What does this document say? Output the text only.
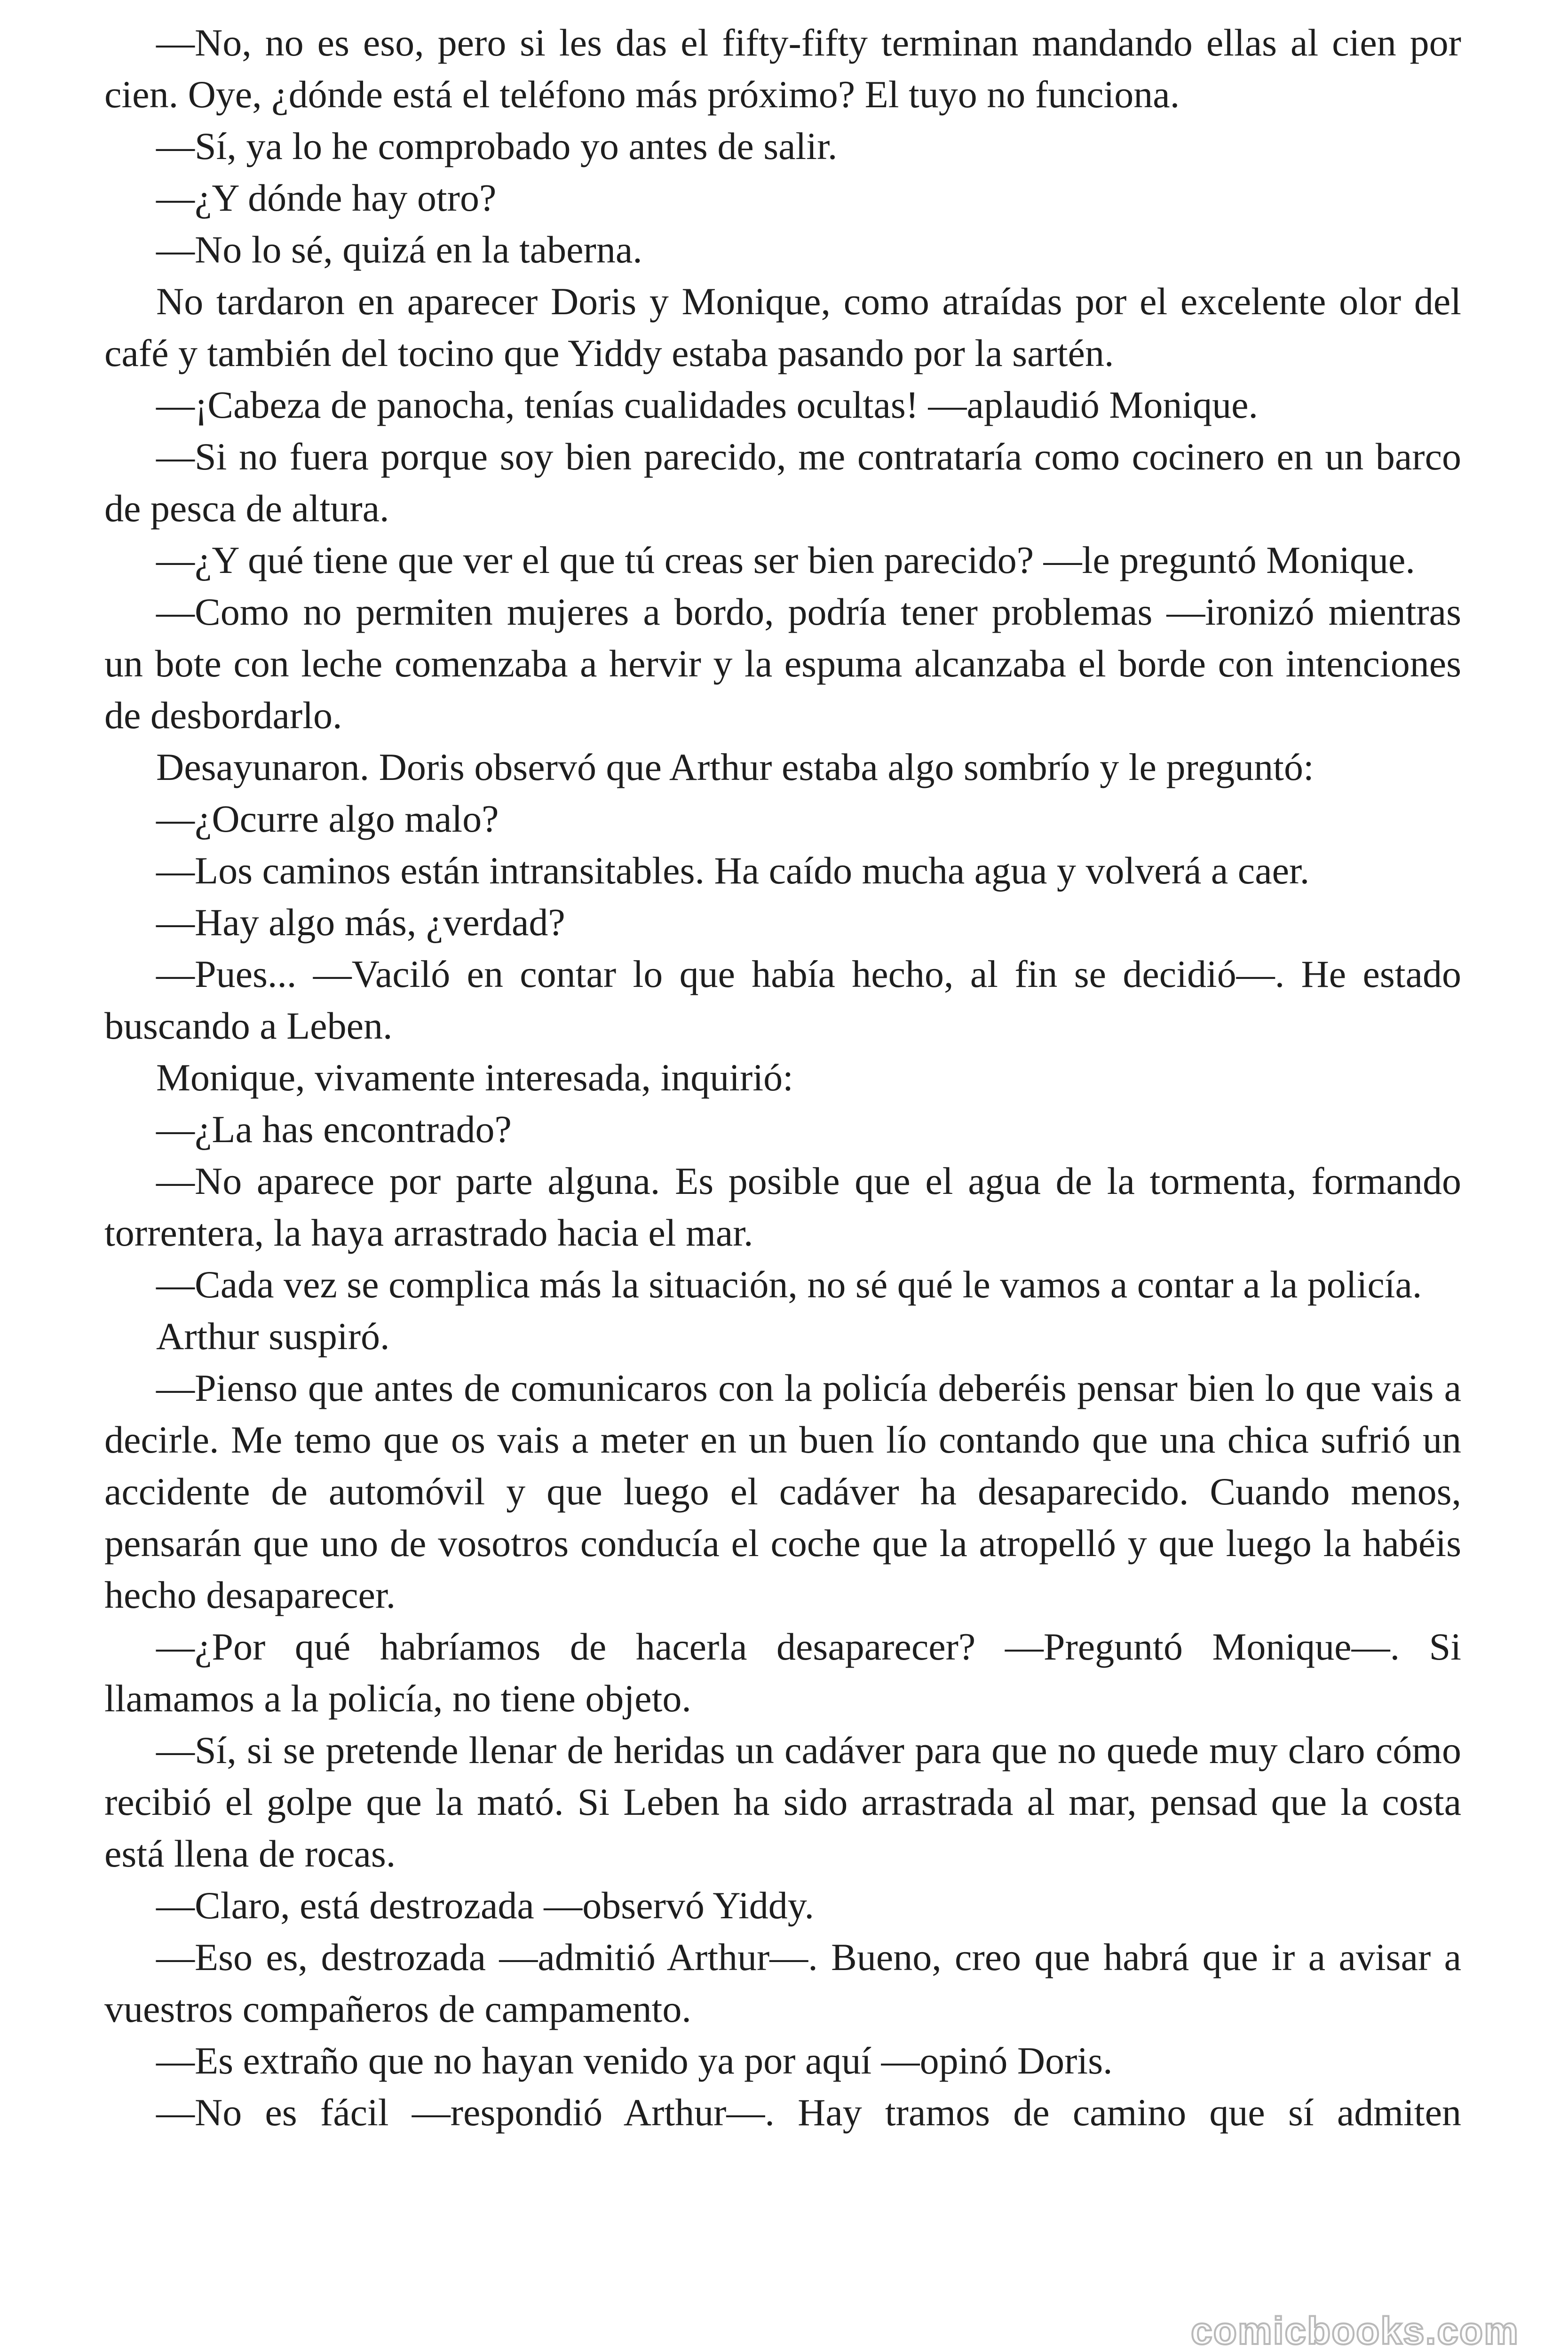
—No, no es eso, pero si les das el fifty-fifty terminan mandando ellas al cien por cien. Oye, ¿dónde está el teléfono más próximo? El tuyo no funciona.

—Sí, ya lo he comprobado yo antes de salir.

—¿Y dónde hay otro?

—No lo sé, quizá en la taberna.

No tardaron en aparecer Doris y Monique, como atraídas por el excelente olor del café y también del tocino que Yiddy estaba pasando por la sartén.

—¡Cabeza de panocha, tenías cualidades ocultas! —aplaudió Monique.

—Si no fuera porque soy bien parecido, me contrataría como cocinero en un barco de pesca de altura.

—¿Y qué tiene que ver el que tú creas ser bien parecido? —le preguntó Monique.

—Como no permiten mujeres a bordo, podría tener problemas —ironizó mientras un bote con leche comenzaba a hervir y la espuma alcanzaba el borde con intenciones de desbordarlo.

Desayunaron. Doris observó que Arthur estaba algo sombrío y le preguntó:

—¿Ocurre algo malo?

—Los caminos están intransitables. Ha caído mucha agua y volverá a caer.

—Hay algo más, ¿verdad?

—Pues... —Vaciló en contar lo que había hecho, al fin se decidió—. He estado buscando a Leben.

Monique, vivamente interesada, inquirió:

—¿La has encontrado?

—No aparece por parte alguna. Es posible que el agua de la tormenta, formando torrentera, la haya arrastrado hacia el mar.

—Cada vez se complica más la situación, no sé qué le vamos a contar a la policía.

Arthur suspiró.

—Pienso que antes de comunicaros con la policía deberéis pensar bien lo que vais a decirle. Me temo que os vais a meter en un buen lío contando que una chica sufrió un accidente de automóvil y que luego el cadáver ha desaparecido. Cuando menos, pensarán que uno de vosotros conducía el coche que la atropelló y que luego la habéis hecho desaparecer.

—¿Por qué habríamos de hacerla desaparecer? —Preguntó Monique—. Si llamamos a la policía, no tiene objeto.

—Sí, si se pretende llenar de heridas un cadáver para que no quede muy claro cómo recibió el golpe que la mató. Si Leben ha sido arrastrada al mar, pensad que la costa está llena de rocas.

—Claro, está destrozada —observó Yiddy.

—Eso es, destrozada —admitió Arthur—. Bueno, creo que habrá que ir a avisar a vuestros compañeros de campamento.

—Es extraño que no hayan venido ya por aquí —opinó Doris.

—No es fácil —respondió Arthur—. Hay tramos de camino que sí admiten

comicbooks.com
